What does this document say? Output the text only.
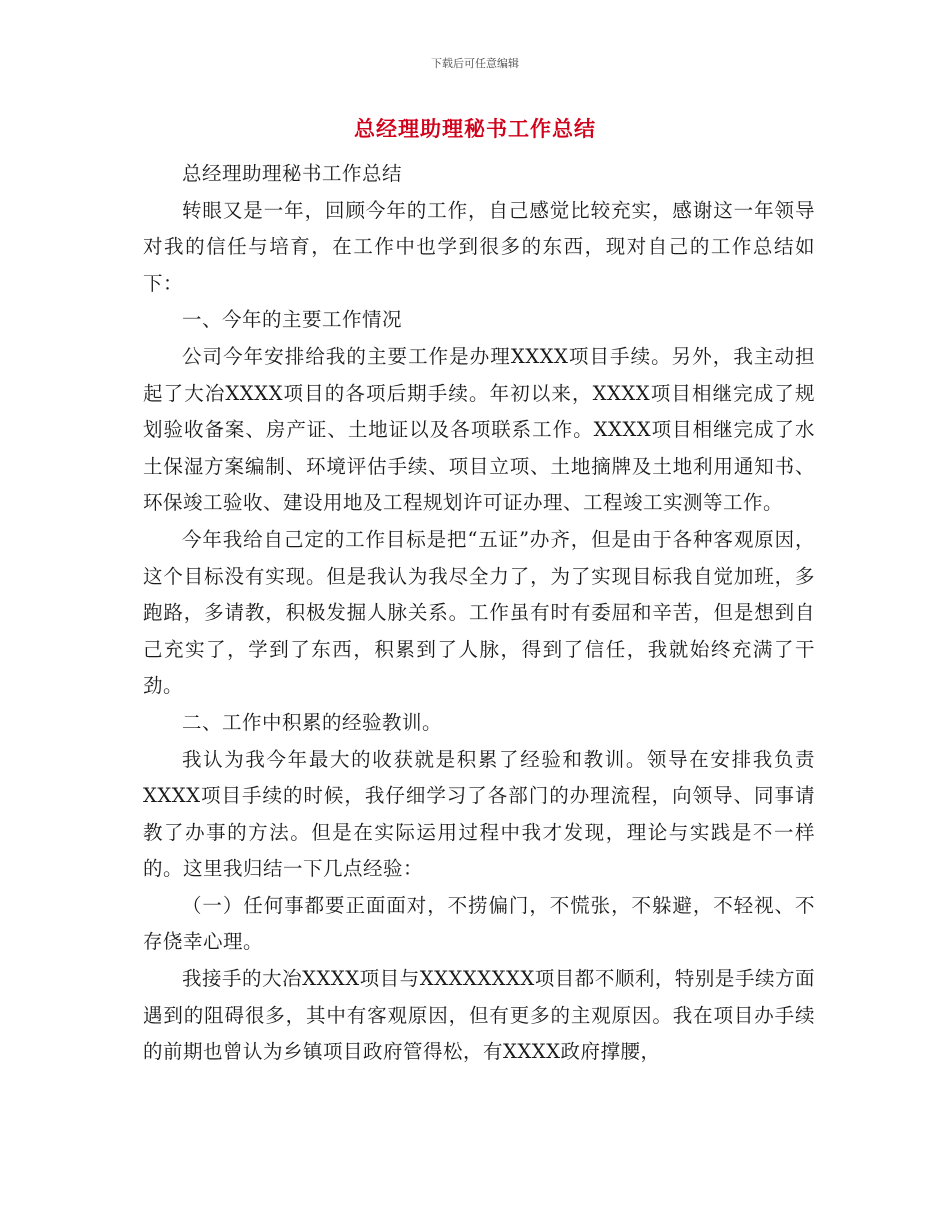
下载后可任意编辑
总经理助理秘书工作总结

总经理助理秘书工作总结

转眼又是一年，回顾今年的工作，自己感觉比较充实，感谢这一年领导对我的信任与培育，在工作中也学到很多的东西，现对自己的工作总结如下：

一、今年的主要工作情况

公司今年安排给我的主要工作是办理XXXX项目手续。另外，我主动担起了大冶XXXX项目的各项后期手续。年初以来，XXXX项目相继完成了规划验收备案、房产证、土地证以及各项联系工作。XXXX项目相继完成了水土保湿方案编制、环境评估手续、项目立项、土地摘牌及土地利用通知书、环保竣工验收、建设用地及工程规划许可证办理、工程竣工实测等工作。

今年我给自己定的工作目标是把“五证”办齐，但是由于各种客观原因，这个目标没有实现。但是我认为我尽全力了，为了实现目标我自觉加班，多跑路，多请教，积极发掘人脉关系。工作虽有时有委屈和辛苦，但是想到自己充实了，学到了东西，积累到了人脉，得到了信任，我就始终充满了干劲。

二、工作中积累的经验教训。

我认为我今年最大的收获就是积累了经验和教训。领导在安排我负责XXXX项目手续的时候，我仔细学习了各部门的办理流程，向领导、同事请教了办事的方法。但是在实际运用过程中我才发现，理论与实践是不一样的。这里我归结一下几点经验：

（一）任何事都要正面面对，不捞偏门，不慌张，不躲避，不轻视、不存侥幸心理。

我接手的大冶XXXX项目与XXXXXXXX项目都不顺利，特别是手续方面遇到的阻碍很多，其中有客观原因，但有更多的主观原因。我在项目办手续的前期也曾认为乡镇项目政府管得松，有XXXX政府撑腰，
